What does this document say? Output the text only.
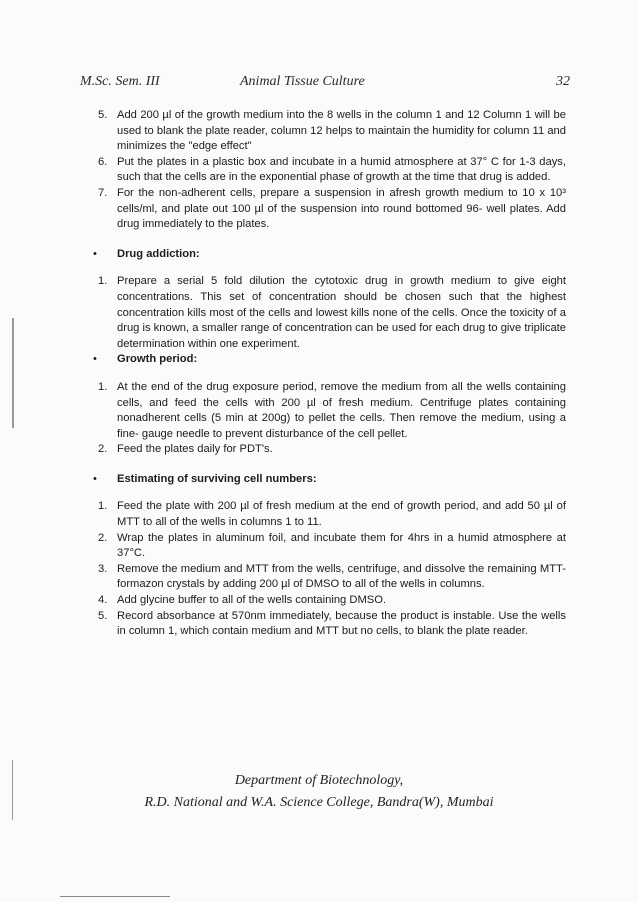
M.Sc. Sem. III	Animal Tissue Culture	32
5. Add 200 µl of the growth medium into the 8 wells in the column 1 and 12 Column 1 will be used to blank the plate reader, column 12 helps to maintain the humidity for column 11 and minimizes the "edge effect"
6. Put the plates in a plastic box and incubate in a humid atmosphere at 37° C for 1-3 days, such that the cells are in the exponential phase of growth at the time that drug is added.
7. For the non-adherent cells, prepare a suspension in afresh growth medium to 10 x 10³ cells/ml, and plate out 100 µl of the suspension into round bottomed 96- well plates. Add drug immediately to the plates.
• Drug addiction:
1. Prepare a serial 5 fold dilution the cytotoxic drug in growth medium to give eight concentrations. This set of concentration should be chosen such that the highest concentration kills most of the cells and lowest kills none of the cells. Once the toxicity of a drug is known, a smaller range of concentration can be used for each drug to give triplicate determination within one experiment.
• Growth period:
1. At the end of the drug exposure period, remove the medium from all the wells containing cells, and feed the cells with 200 µl of fresh medium. Centrifuge plates containing nonadherent cells (5 min at 200g) to pellet the cells. Then remove the medium, using a fine- gauge needle to prevent disturbance of the cell pellet.
2. Feed the plates daily for PDT's.
• Estimating of surviving cell numbers:
1. Feed the plate with 200 µl of fresh medium at the end of growth period, and add 50 µl of MTT to all of the wells in columns 1 to 11.
2. Wrap the plates in aluminum foil, and incubate them for 4hrs in a humid atmosphere at 37°C.
3. Remove the medium and MTT from the wells, centrifuge, and dissolve the remaining MTT-formazon crystals by adding 200 µl of DMSO to all of the wells in columns.
4. Add glycine buffer to all of the wells containing DMSO.
5. Record absorbance at 570nm immediately, because the product is instable. Use the wells in column 1, which contain medium and MTT but no cells, to blank the plate reader.
Department of Biotechnology,
R.D. National and W.A. Science College, Bandra(W), Mumbai
